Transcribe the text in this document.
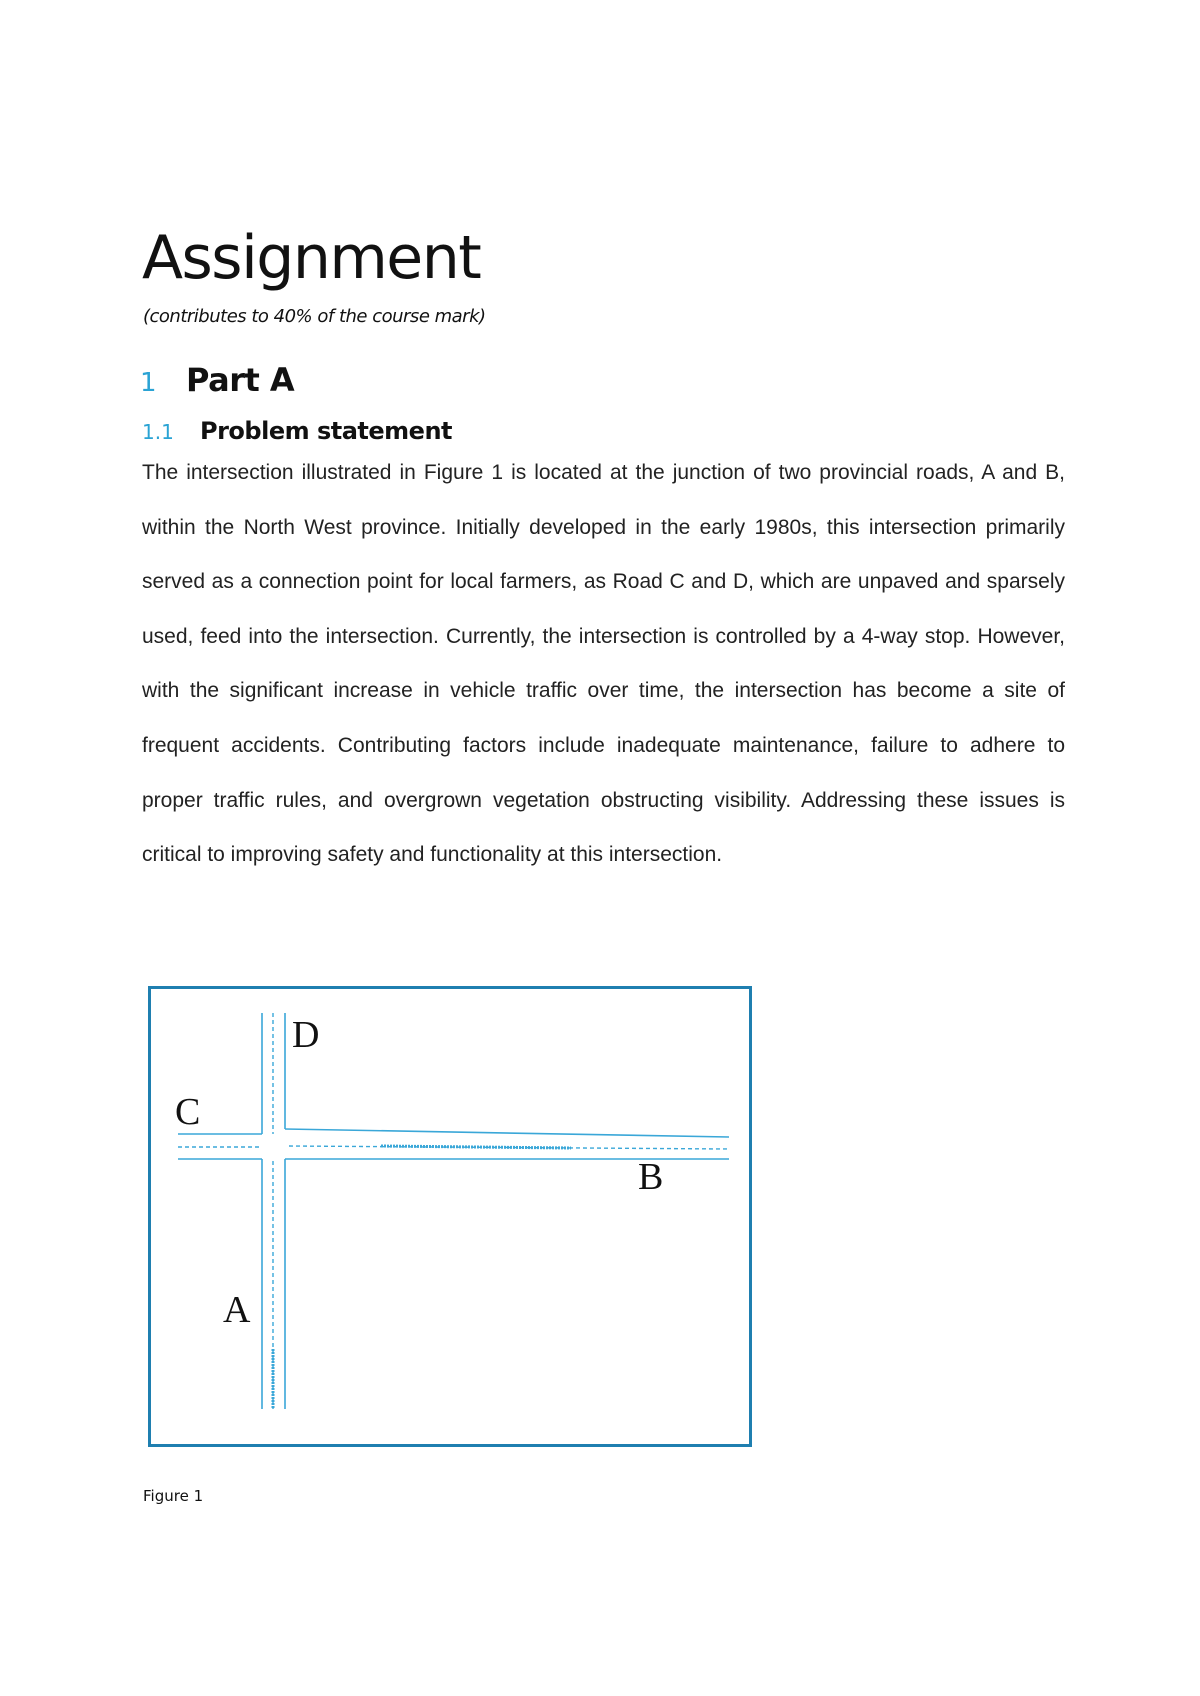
Assignment

(contributes to 40% of the course mark)

1 Part A
1.1 Problem statement

The intersection illustrated in Figure 1 is located at the junction of two provincial roads, A and B, within the North West province. Initially developed in the early 1980s, this intersection primarily served as a connection point for local farmers, as Road C and D, which are unpaved and sparsely used, feed into the intersection. Currently, the intersection is controlled by a 4-way stop. However, with the significant increase in vehicle traffic over time, the intersection has become a site of frequent accidents. Contributing factors include inadequate maintenance, failure to adhere to proper traffic rules, and overgrown vegetation obstructing visibility. Addressing these issues is critical to improving safety and functionality at this intersection.

D
C
B
A

Figure 1
